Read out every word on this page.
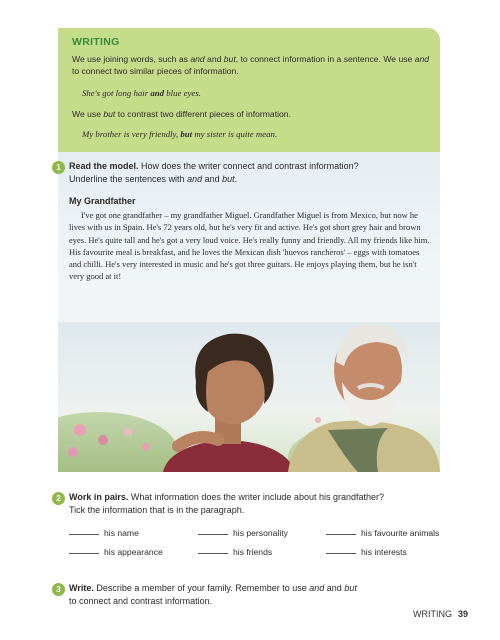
WRITING
We use joining words, such as and and but, to connect information in a sentence. We use and to connect two similar pieces of information.
She's got long hair and blue eyes.
We use but to contrast two different pieces of information.
My brother is very friendly, but my sister is quite mean.
1 Read the model. How does the writer connect and contrast information?
Underline the sentences with and and but.
My Grandfather
I've got one grandfather – my grandfather Miguel. Grandfather Miguel is from Mexico, but now he lives with us in Spain. He's 72 years old, but he's very fit and active. He's got short grey hair and brown eyes. He's quite tall and he's got a very loud voice. He's really funny and friendly. All my friends like him. His favourite meal is breakfast, and he loves the Mexican dish 'huevos rancheros' – eggs with tomatoes and chilli. He's very interested in music and he's got three guitars. He enjoys playing them, but he isn't very good at it!
2 Work in pairs. What information does the writer include about his grandfather?
Tick the information that is in the paragraph.
his name	his personality	his favourite animals
his appearance	his friends	his interests
3 Write. Describe a member of your family. Remember to use and and but
to connect and contrast information.
WRITING 39
